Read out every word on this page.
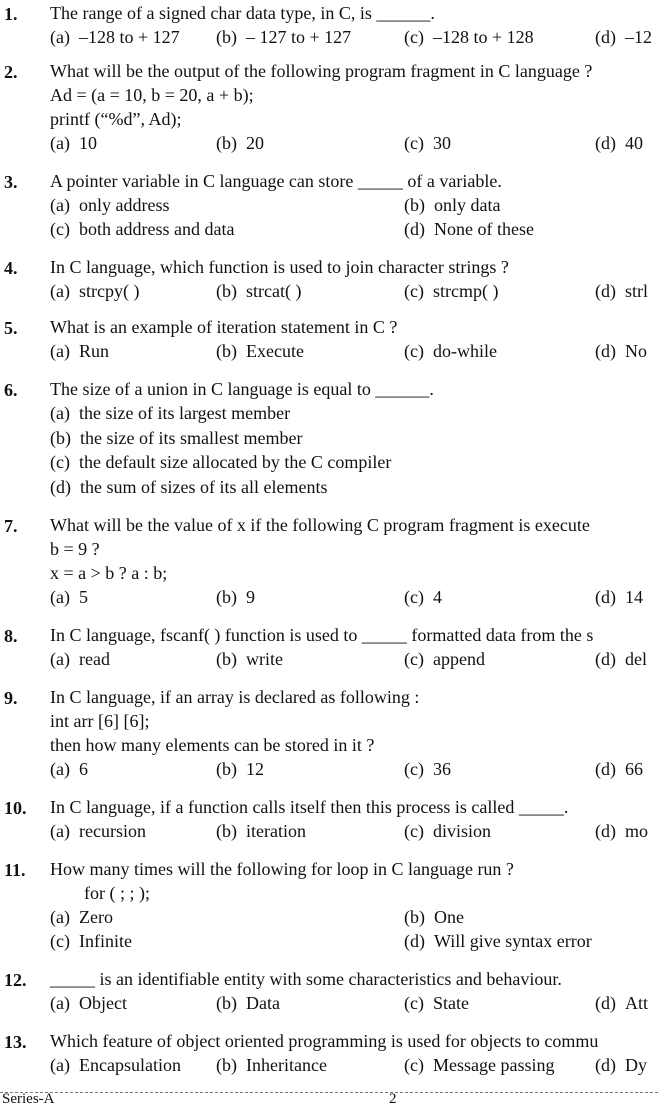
1. The range of a signed char data type, in C, is ______.
(a) –128 to + 127 (b) – 127 to + 127	(c) –128 to + 128	(d) –12
2. What will be the output of the following program fragment in C language ?
Ad = (a = 10, b = 20, a + b);
printf (“%d”, Ad);
(a) 10	(b) 20	(c) 30	(d) 40
3. A pointer variable in C language can store _____ of a variable.
(a) only address	(b) only data
(c) both address and data	(d) None of these
4. In C language, which function is used to join character strings ?
(a) strcpy( )	(b) strcat( )	(c) strcmp( )	(d) strl
5. What is an example of iteration statement in C ?
(a) Run	(b) Execute	(c) do-while	(d) No
6. The size of a union in C language is equal to ______.
(a) the size of its largest member
(b) the size of its smallest member
(c) the default size allocated by the C compiler
(d) the sum of sizes of its all elements
7. What will be the value of x if the following C program fragment is execute
b = 9 ?
x = a > b ? a : b;
(a) 5	(b) 9	(c) 4	(d) 14
8. In C language, fscanf( ) function is used to _____ formatted data from the s
(a) read	(b) write	(c) append	(d) del
9. In C language, if an array is declared as following :
int arr [6] [6];
then how many elements can be stored in it ?
(a) 6	(b) 12	(c) 36	(d) 66
10. In C language, if a function calls itself then this process is called _____.
(a) recursion	(b) iteration	(c) division	(d) mo
11. How many times will the following for loop in C language run ?
for ( ; ; );
(a) Zero	(b) One
(c) Infinite	(d) Will give syntax error
12. _____ is an identifiable entity with some characteristics and behaviour.
(a) Object	(b) Data	(c) State	(d) Att
13. Which feature of object oriented programming is used for objects to commu
(a) Encapsulation (b) Inheritance	(c) Message passing (d) Dy
Series-A	2
